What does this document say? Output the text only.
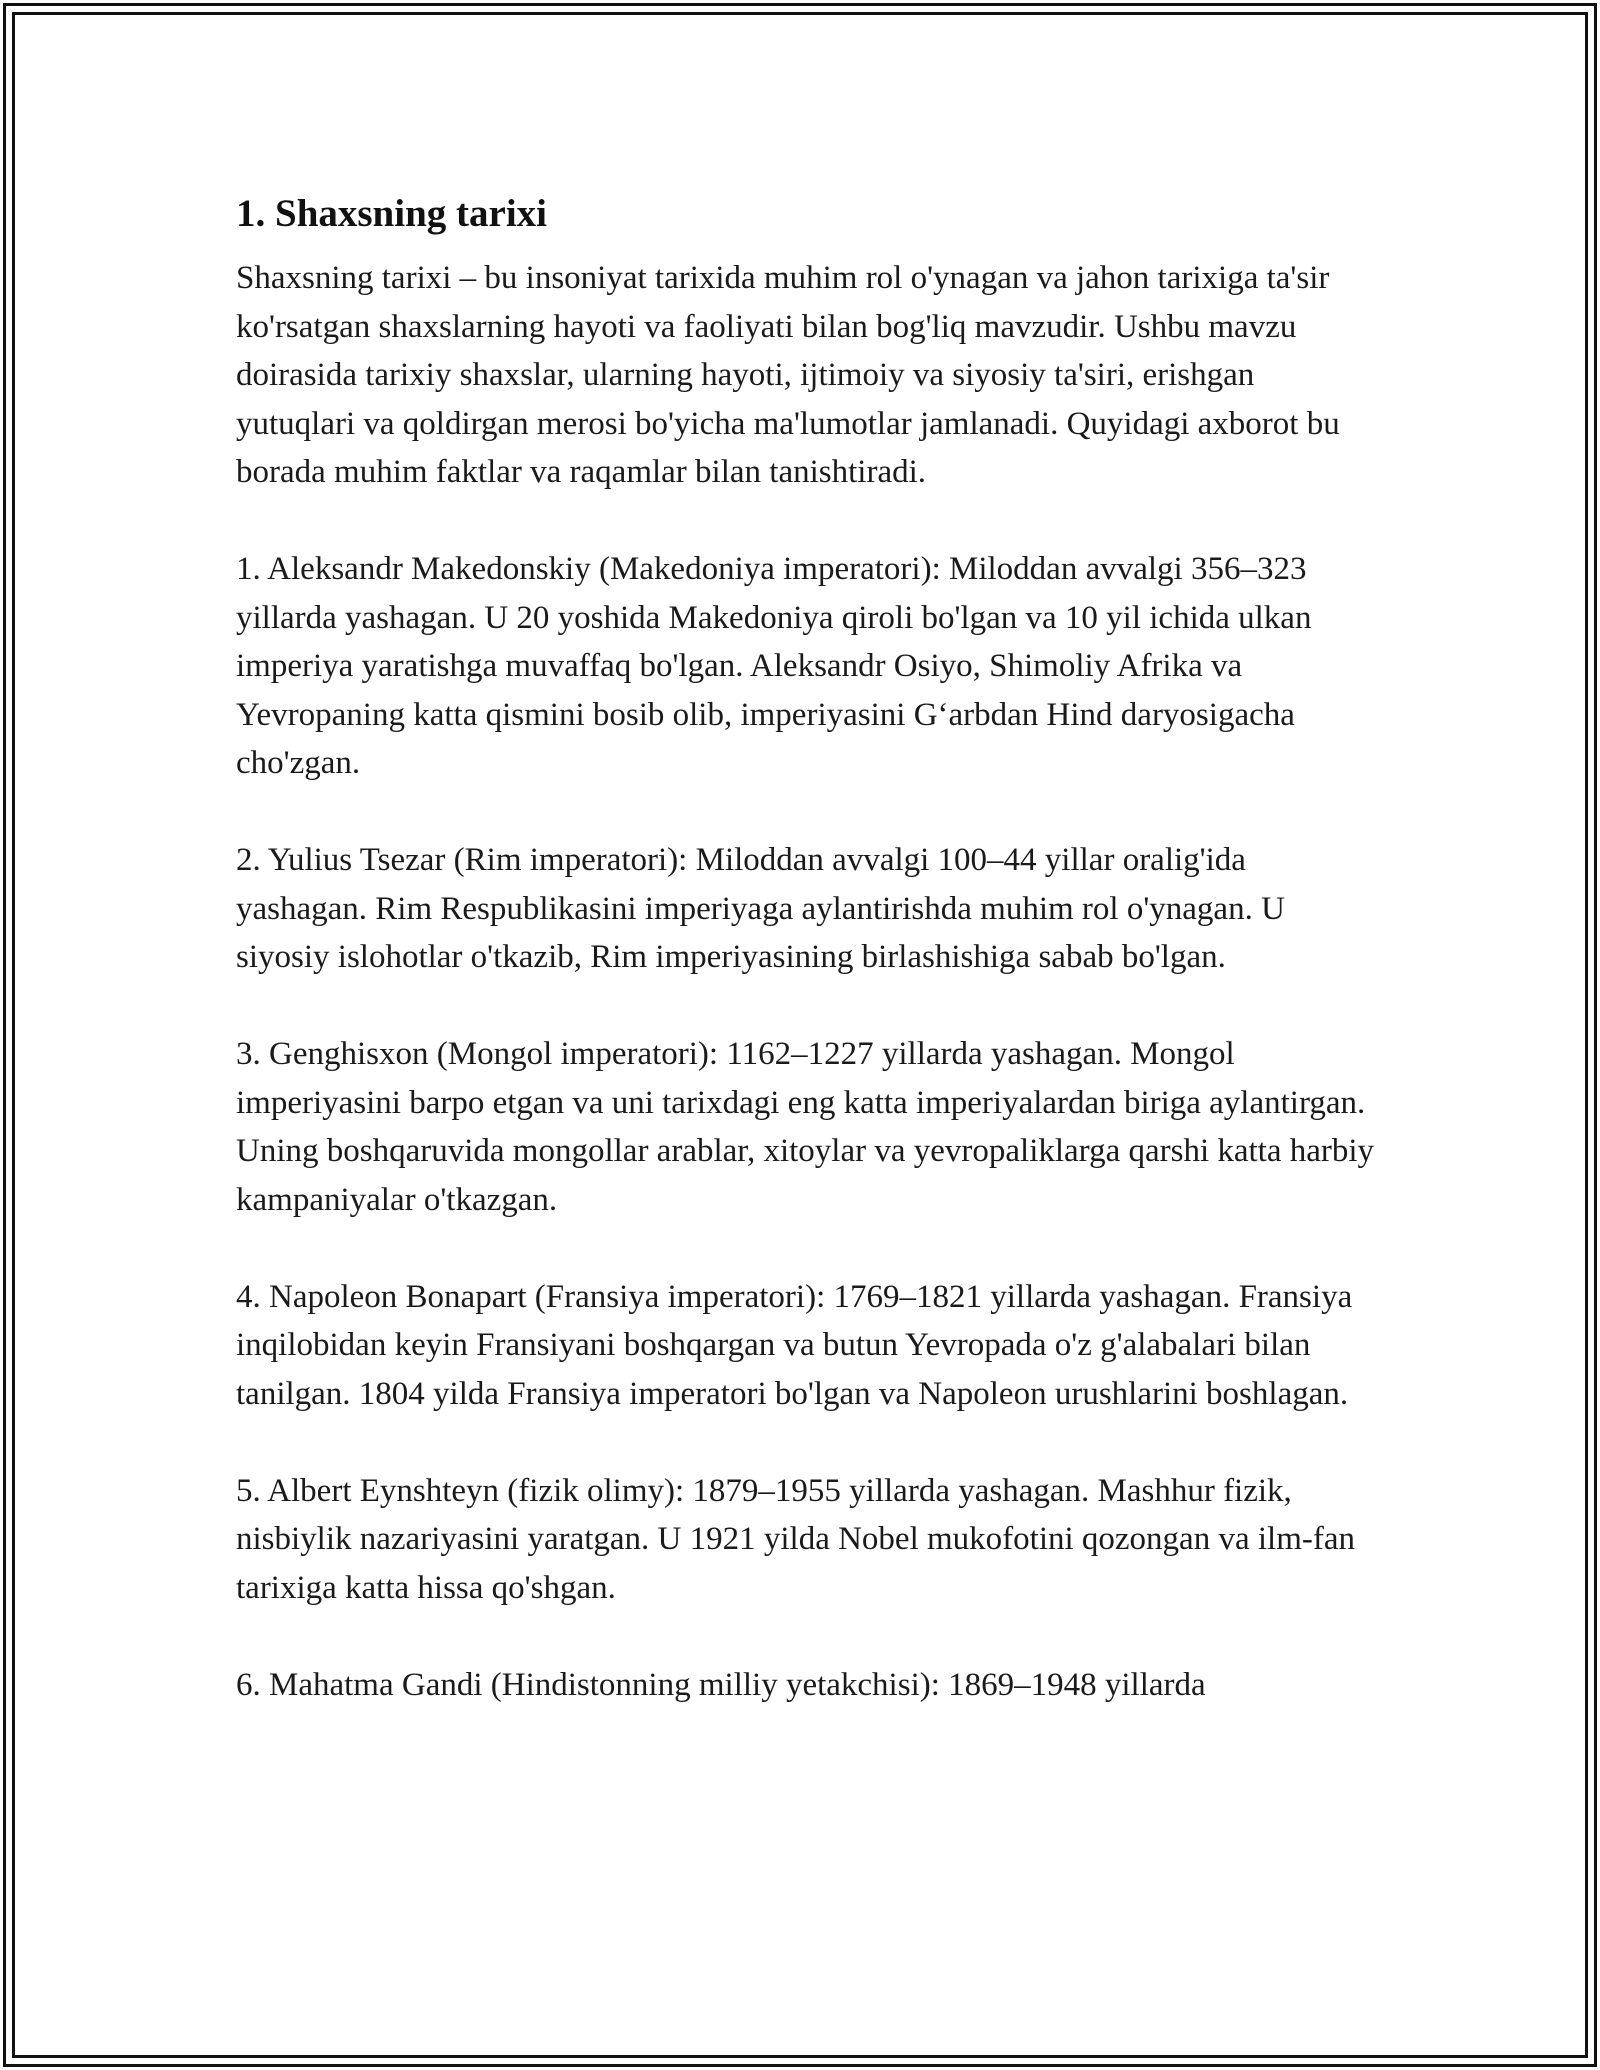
1. Shaxsning tarixi

Shaxsning tarixi – bu insoniyat tarixida muhim rol o'ynagan va jahon tarixiga ta'sir ko'rsatgan shaxslarning hayoti va faoliyati bilan bog'liq mavzudir. Ushbu mavzu doirasida tarixiy shaxslar, ularning hayoti, ijtimoiy va siyosiy ta'siri, erishgan yutuqlari va qoldirgan merosi bo'yicha ma'lumotlar jamlanadi. Quyidagi axborot bu borada muhim faktlar va raqamlar bilan tanishtiradi.

1. Aleksandr Makedonskiy (Makedoniya imperatori): Miloddan avvalgi 356–323 yillarda yashagan. U 20 yoshida Makedoniya qiroli bo'lgan va 10 yil ichida ulkan imperiya yaratishga muvaffaq bo'lgan. Aleksandr Osiyo, Shimoliy Afrika va Yevropaning katta qismini bosib olib, imperiyasini G‘arbdan Hind daryosigacha cho'zgan.

2. Yulius Tsezar (Rim imperatori): Miloddan avvalgi 100–44 yillar oralig'ida yashagan. Rim Respublikasini imperiyaga aylantirishda muhim rol o'ynagan. U siyosiy islohotlar o'tkazib, Rim imperiyasining birlashishiga sabab bo'lgan.

3. Genghisxon (Mongol imperatori): 1162–1227 yillarda yashagan. Mongol imperiyasini barpo etgan va uni tarixdagi eng katta imperiyalardan biriga aylantirgan. Uning boshqaruvida mongollar arablar, xitoylar va yevropaliklarga qarshi katta harbiy kampaniyalar o'tkazgan.

4. Napoleon Bonapart (Fransiya imperatori): 1769–1821 yillarda yashagan. Fransiya inqilobidan keyin Fransiyani boshqargan va butun Yevropada o'z g'alabalari bilan tanilgan. 1804 yilda Fransiya imperatori bo'lgan va Napoleon urushlarini boshlagan.

5. Albert Eynshteyn (fizik olimy): 1879–1955 yillarda yashagan. Mashhur fizik, nisbiylik nazariyasini yaratgan. U 1921 yilda Nobel mukofotini qozongan va ilm-fan tarixiga katta hissa qo'shgan.

6. Mahatma Gandi (Hindistonning milliy yetakchisi): 1869–1948 yillarda
